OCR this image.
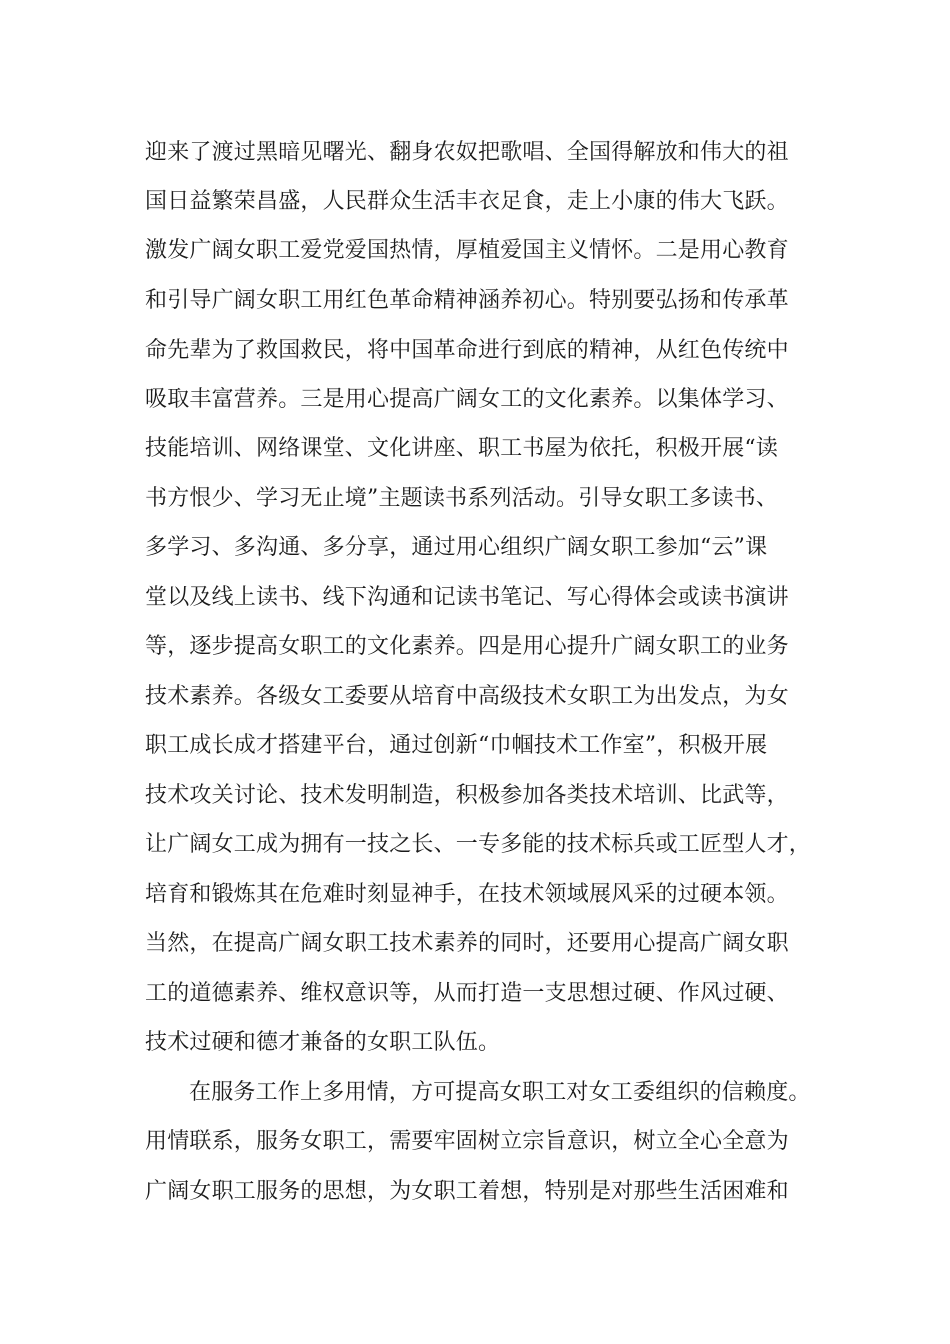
迎来了渡过黑暗见曙光、翻身农奴把歌唱、全国得解放和伟大的祖
国日益繁荣昌盛，人民群众生活丰衣足食，走上小康的伟大飞跃。
激发广阔女职工爱党爱国热情，厚植爱国主义情怀。二是用心教育
和引导广阔女职工用红色革命精神涵养初心。特别要弘扬和传承革
命先辈为了救国救民，将中国革命进行到底的精神，从红色传统中
吸取丰富营养。三是用心提高广阔女工的文化素养。以集体学习、
技能培训、网络课堂、文化讲座、职工书屋为依托，积极开展“读
书方恨少、学习无止境”主题读书系列活动。引导女职工多读书、
多学习、多沟通、多分享，通过用心组织广阔女职工参加“云”课
堂以及线上读书、线下沟通和记读书笔记、写心得体会或读书演讲
等，逐步提高女职工的文化素养。四是用心提升广阔女职工的业务
技术素养。各级女工委要从培育中高级技术女职工为出发点，为女
职工成长成才搭建平台，通过创新“巾帼技术工作室”，积极开展
技术攻关讨论、技术发明制造，积极参加各类技术培训、比武等，
让广阔女工成为拥有一技之长、一专多能的技术标兵或工匠型人才，
培育和锻炼其在危难时刻显神手，在技术领域展风采的过硬本领。
当然，在提高广阔女职工技术素养的同时，还要用心提高广阔女职
工的道德素养、维权意识等，从而打造一支思想过硬、作风过硬、
技术过硬和德才兼备的女职工队伍。
在服务工作上多用情，方可提高女职工对女工委组织的信赖度。
用情联系，服务女职工，需要牢固树立宗旨意识，树立全心全意为
广阔女职工服务的思想，为女职工着想，特别是对那些生活困难和
